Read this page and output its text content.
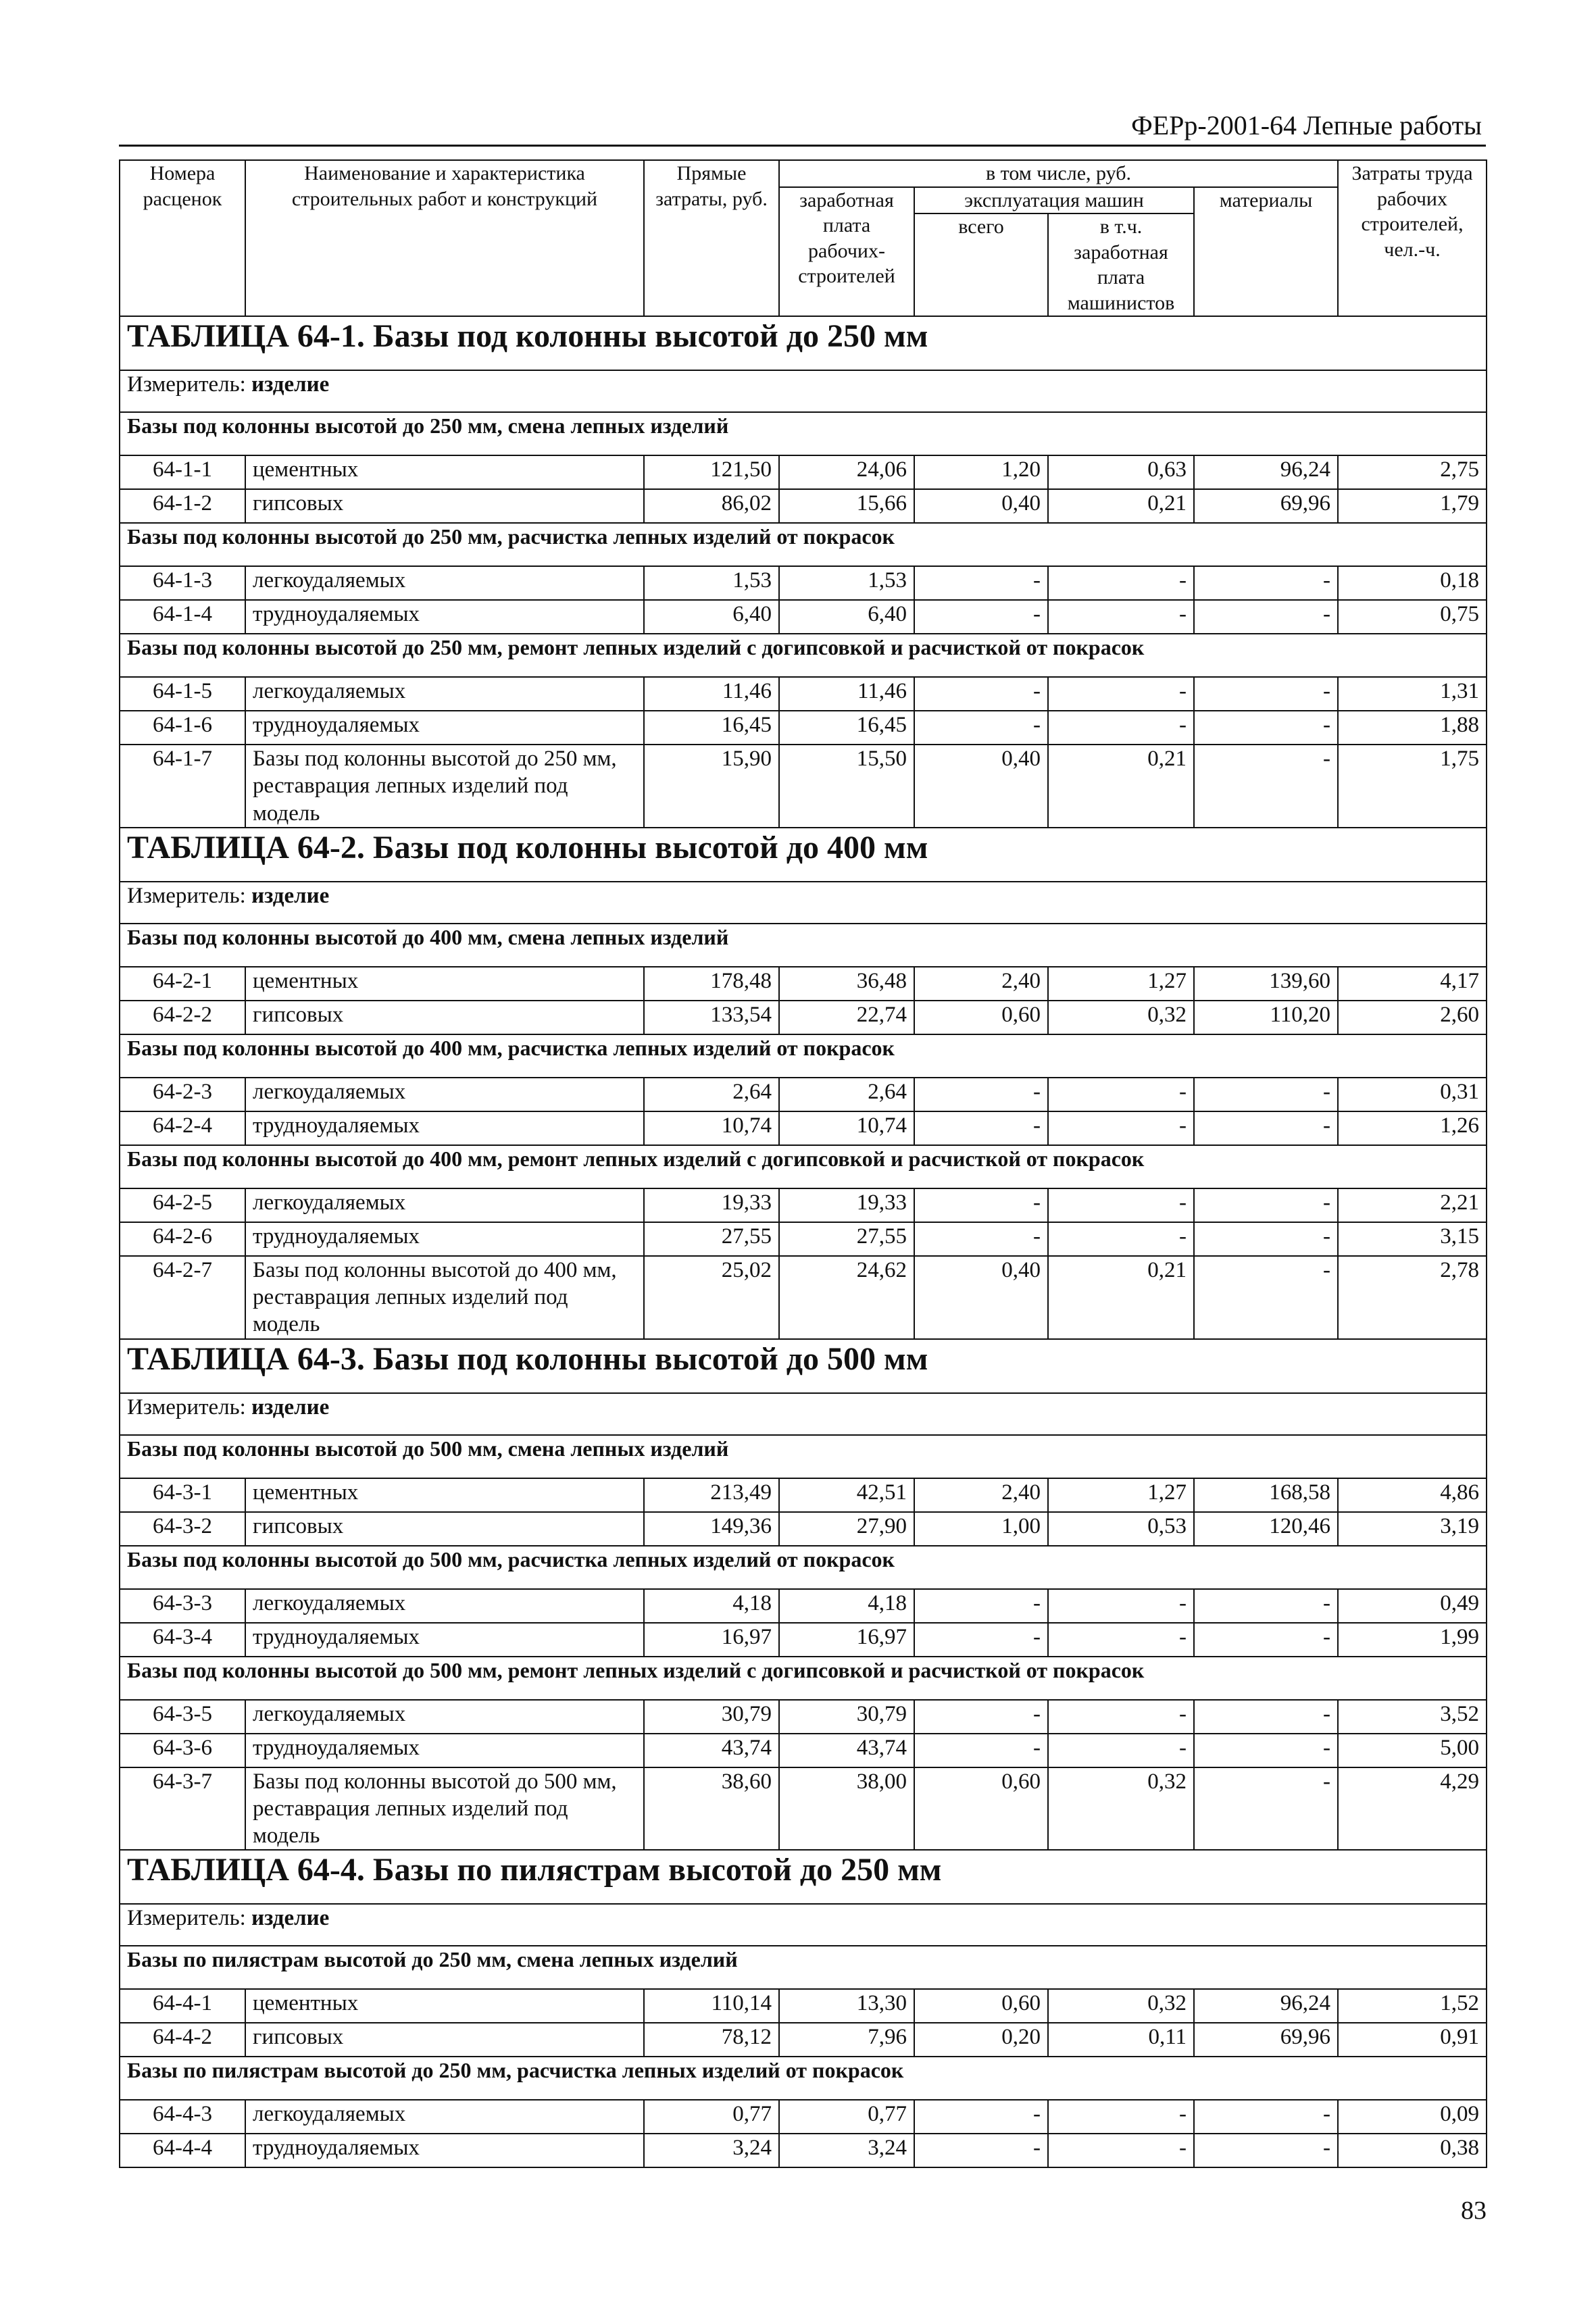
ФЕРр-2001-64 Лепные работы
Номера расценок	Наименование и характеристика строительных работ и конструкций	Прямые затраты, руб.	в том числе, руб.				Затраты труда рабочих строителей, чел.-ч.
			заработная плата рабочих-строителей	эксплуатация машин		материалы	
				всего	в т.ч. заработная плата машинистов		
ТАБЛИЦА 64-1. Базы под колонны высотой до 250 мм							
Измеритель: изделие							
Базы под колонны высотой до 250 мм, смена лепных изделий							
64-1-1	цементных	121,50	24,06	1,20	0,63	96,24	2,75
64-1-2	гипсовых	86,02	15,66	0,40	0,21	69,96	1,79
Базы под колонны высотой до 250 мм, расчистка лепных изделий от покрасок							
64-1-3	легкоудаляемых	1,53	1,53	-	-	-	0,18
64-1-4	трудноудаляемых	6,40	6,40	-	-	-	0,75
Базы под колонны высотой до 250 мм, ремонт лепных изделий с догипсовкой и расчисткой от покрасок							
64-1-5	легкоудаляемых	11,46	11,46	-	-	-	1,31
64-1-6	трудноудаляемых	16,45	16,45	-	-	-	1,88
64-1-7	Базы под колонны высотой до 250 мм, реставрация лепных изделий под модель	15,90	15,50	0,40	0,21	-	1,75
ТАБЛИЦА 64-2. Базы под колонны высотой до 400 мм							
Измеритель: изделие							
Базы под колонны высотой до 400 мм, смена лепных изделий							
64-2-1	цементных	178,48	36,48	2,40	1,27	139,60	4,17
64-2-2	гипсовых	133,54	22,74	0,60	0,32	110,20	2,60
Базы под колонны высотой до 400 мм, расчистка лепных изделий от покрасок							
64-2-3	легкоудаляемых	2,64	2,64	-	-	-	0,31
64-2-4	трудноудаляемых	10,74	10,74	-	-	-	1,26
Базы под колонны высотой до 400 мм, ремонт лепных изделий с догипсовкой и расчисткой от покрасок							
64-2-5	легкоудаляемых	19,33	19,33	-	-	-	2,21
64-2-6	трудноудаляемых	27,55	27,55	-	-	-	3,15
64-2-7	Базы под колонны высотой до 400 мм, реставрация лепных изделий под модель	25,02	24,62	0,40	0,21	-	2,78
ТАБЛИЦА 64-3. Базы под колонны высотой до 500 мм							
Измеритель: изделие							
Базы под колонны высотой до 500 мм, смена лепных изделий							
64-3-1	цементных	213,49	42,51	2,40	1,27	168,58	4,86
64-3-2	гипсовых	149,36	27,90	1,00	0,53	120,46	3,19
Базы под колонны высотой до 500 мм, расчистка лепных изделий от покрасок							
64-3-3	легкоудаляемых	4,18	4,18	-	-	-	0,49
64-3-4	трудноудаляемых	16,97	16,97	-	-	-	1,99
Базы под колонны высотой до 500 мм, ремонт лепных изделий с догипсовкой и расчисткой от покрасок							
64-3-5	легкоудаляемых	30,79	30,79	-	-	-	3,52
64-3-6	трудноудаляемых	43,74	43,74	-	-	-	5,00
64-3-7	Базы под колонны высотой до 500 мм, реставрация лепных изделий под модель	38,60	38,00	0,60	0,32	-	4,29
ТАБЛИЦА 64-4. Базы по пилястрам высотой до 250 мм							
Измеритель: изделие							
Базы по пилястрам высотой до 250 мм, смена лепных изделий							
64-4-1	цементных	110,14	13,30	0,60	0,32	96,24	1,52
64-4-2	гипсовых	78,12	7,96	0,20	0,11	69,96	0,91
Базы по пилястрам высотой до 250 мм, расчистка лепных изделий от покрасок							
64-4-3	легкоудаляемых	0,77	0,77	-	-	-	0,09
64-4-4	трудноудаляемых	3,24	3,24	-	-	-	0,38
83
